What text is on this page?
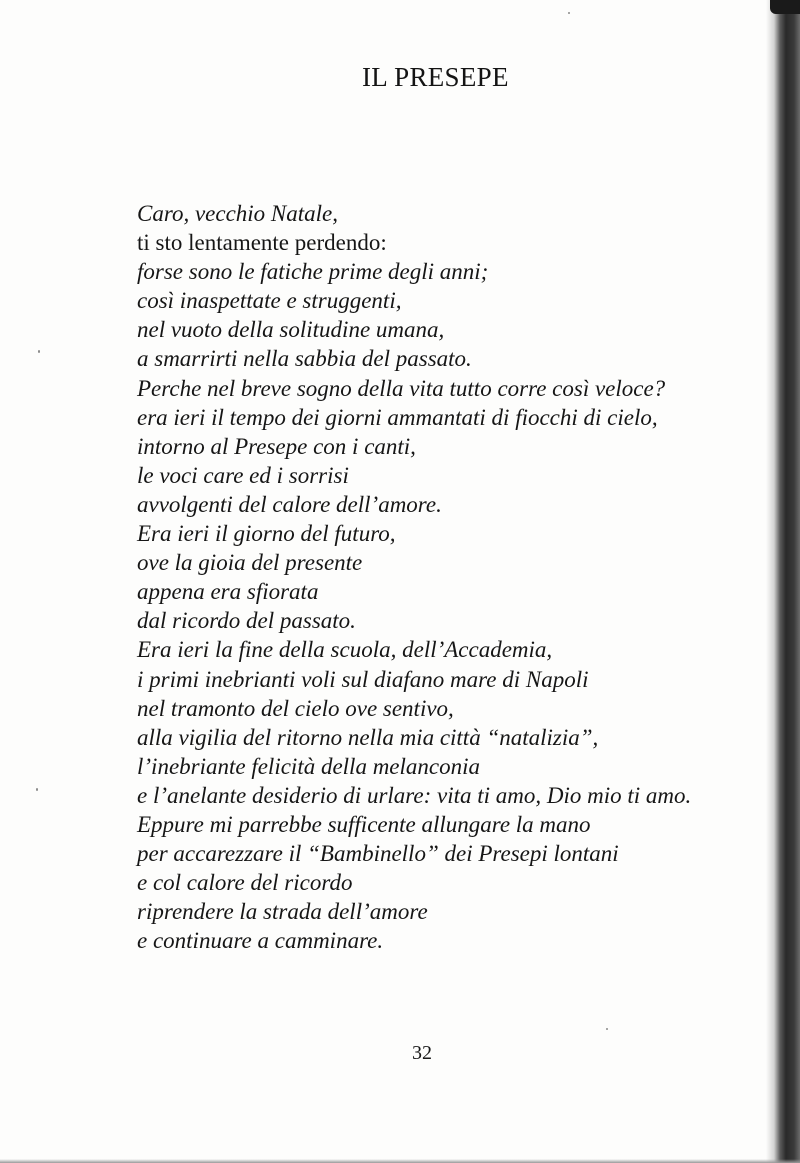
IL PRESEPE
Caro, vecchio Natale,
ti sto lentamente perdendo:
forse sono le fatiche prime degli anni;
così inaspettate e struggenti,
nel vuoto della solitudine umana,
a smarrirti nella sabbia del passato.
Perche nel breve sogno della vita tutto corre così veloce?
era ieri il tempo dei giorni ammantati di fiocchi di cielo,
intorno al Presepe con i canti,
le voci care ed i sorrisi
avvolgenti del calore dell’amore.
Era ieri il giorno del futuro,
ove la gioia del presente
appena era sfiorata
dal ricordo del passato.
Era ieri la fine della scuola, dell’Accademia,
i primi inebrianti voli sul diafano mare di Napoli
nel tramonto del cielo ove sentivo,
alla vigilia del ritorno nella mia città “natalizia”,
l’inebriante felicità della melanconia
e l’anelante desiderio di urlare: vita ti amo, Dio mio ti amo.
Eppure mi parrebbe sufficente allungare la mano
per accarezzare il “Bambinello” dei Presepi lontani
e col calore del ricordo
riprendere la strada dell’amore
e continuare a camminare.
32
